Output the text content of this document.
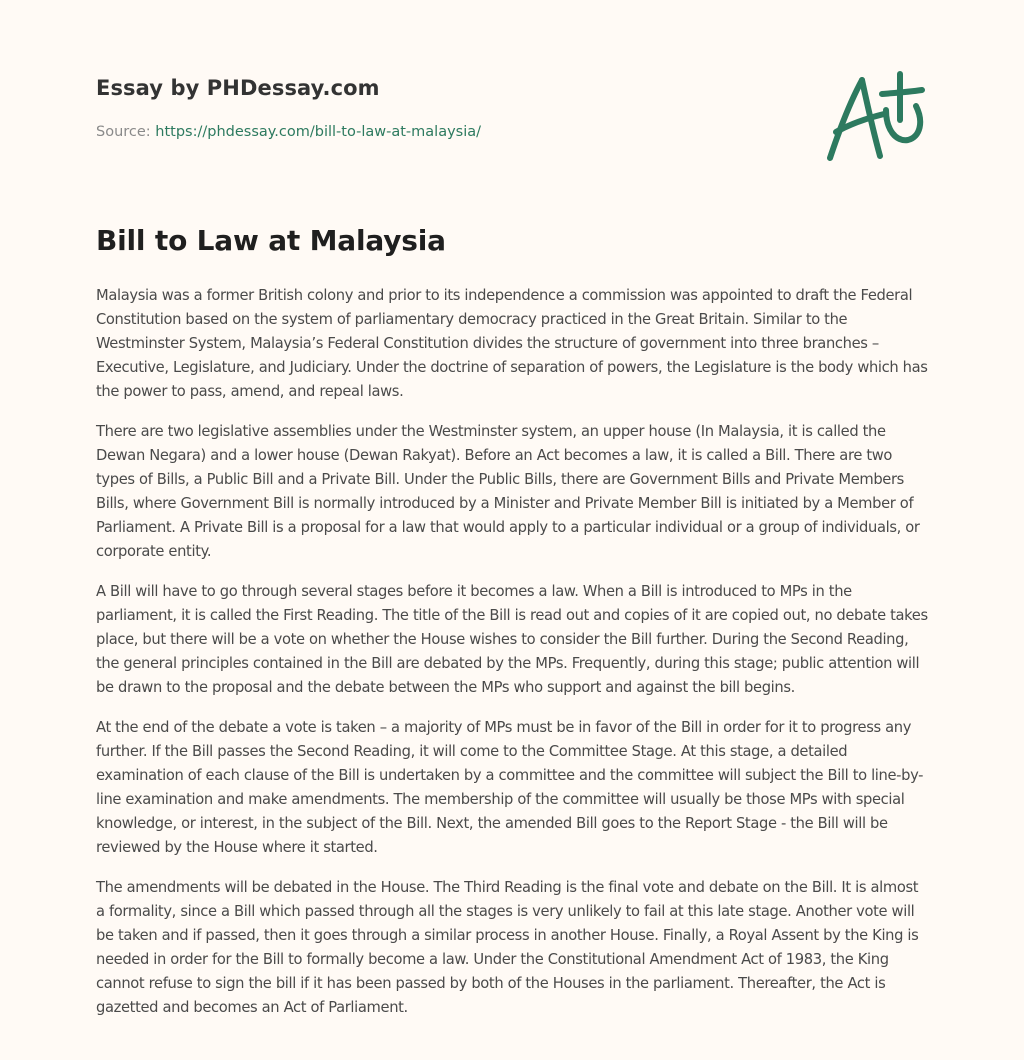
Essay by PHDessay.com

Source: https://phdessay.com/bill-to-law-at-malaysia/

Bill to Law at Malaysia

Malaysia was a former British colony and prior to its independence a commission was appointed to draft the Federal Constitution based on the system of parliamentary democracy practiced in the Great Britain. Similar to the Westminster System, Malaysia’s Federal Constitution divides the structure of government into three branches – Executive, Legislature, and Judiciary. Under the doctrine of separation of powers, the Legislature is the body which has the power to pass, amend, and repeal laws.

There are two legislative assemblies under the Westminster system, an upper house (In Malaysia, it is called the Dewan Negara) and a lower house (Dewan Rakyat). Before an Act becomes a law, it is called a Bill. There are two types of Bills, a Public Bill and a Private Bill. Under the Public Bills, there are Government Bills and Private Members Bills, where Government Bill is normally introduced by a Minister and Private Member Bill is initiated by a Member of Parliament. A Private Bill is a proposal for a law that would apply to a particular individual or a group of individuals, or corporate entity.

A Bill will have to go through several stages before it becomes a law. When a Bill is introduced to MPs in the parliament, it is called the First Reading. The title of the Bill is read out and copies of it are copied out, no debate takes place, but there will be a vote on whether the House wishes to consider the Bill further. During the Second Reading, the general principles contained in the Bill are debated by the MPs. Frequently, during this stage; public attention will be drawn to the proposal and the debate between the MPs who support and against the bill begins.

At the end of the debate a vote is taken – a majority of MPs must be in favor of the Bill in order for it to progress any further. If the Bill passes the Second Reading, it will come to the Committee Stage. At this stage, a detailed examination of each clause of the Bill is undertaken by a committee and the committee will subject the Bill to line-by-line examination and make amendments. The membership of the committee will usually be those MPs with special knowledge, or interest, in the subject of the Bill. Next, the amended Bill goes to the Report Stage - the Bill will be reviewed by the House where it started.

The amendments will be debated in the House. The Third Reading is the final vote and debate on the Bill. It is almost a formality, since a Bill which passed through all the stages is very unlikely to fail at this late stage. Another vote will be taken and if passed, then it goes through a similar process in another House. Finally, a Royal Assent by the King is needed in order for the Bill to formally become a law. Under the Constitutional Amendment Act of 1983, the King cannot refuse to sign the bill if it has been passed by both of the Houses in the parliament. Thereafter, the Act is gazetted and becomes an Act of Parliament.
